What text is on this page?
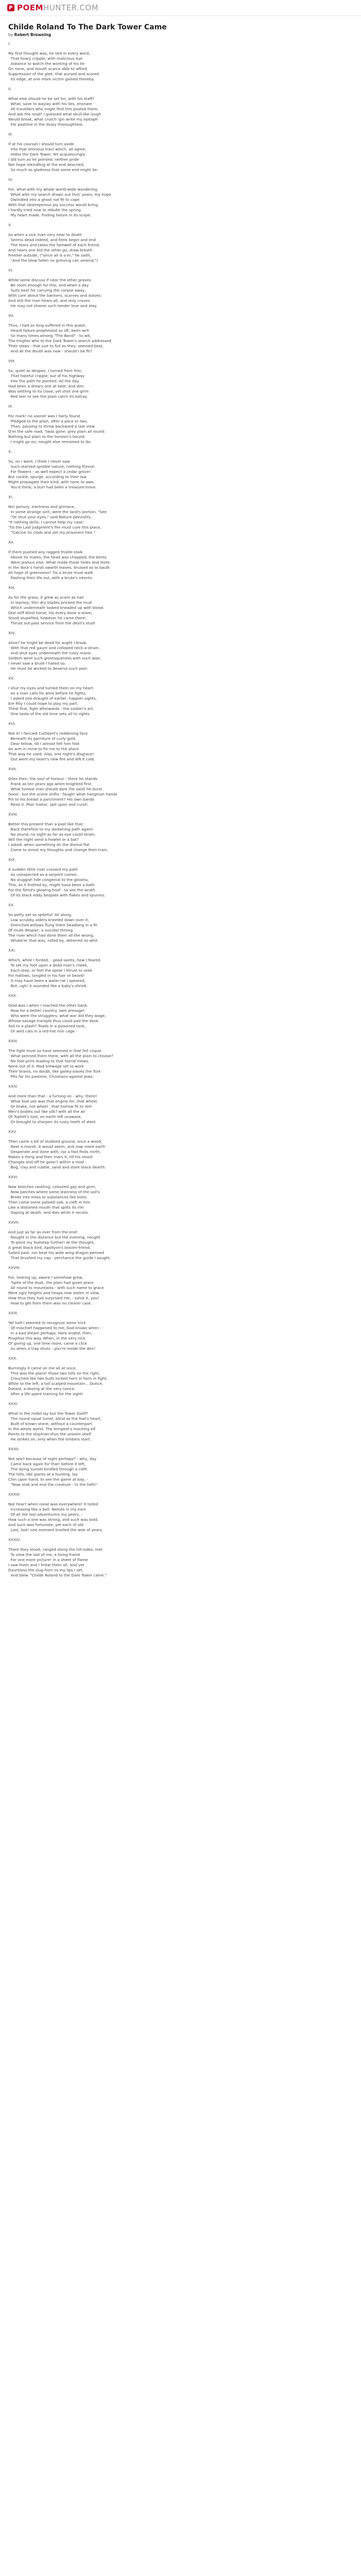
P POEM HUNTER.COM
Childe Roland To The Dark Tower Came
by Robert Browning
I.
My first thought was, he lied in every word,
That hoary cripple, with malicious eye
Askance to watch the working of his lie
On mine, and mouth scarce able to afford
Suppression of the glee, that pursed and scored
Its edge, at one more victim gained thereby.
II.
What else should he be set for, with his staff?
What, save to waylay with his lies, ensnare
All travellers who might find him posted there,
And ask the road? I guessed what skull-like laugh
Would break, what crutch 'gin write my epitaph
For pastime in the dusty thoroughfare,
III.
If at his counsel I should turn aside
Into that ominous tract which, all agree,
Hides the Dark Tower. Yet acquiescingly
I did turn as he pointed: neither pride
Nor hope rekindling at the end descried,
So much as gladness that some end might be.
IV.
For, what with my whole world-wide wandering,
What with my search drawn out thro' years, my hope
Dwindled into a ghost not fit to cope
With that obstreperous joy success would bring,
I hardly tried now to rebuke the spring
My heart made, finding failure in its scope.
V.
As when a sick man very near to death
Seems dead indeed, and feels begin and end
The tears and takes the farewell of each friend,
And hears one bid the other go, draw breath
Freelier outside, ("since all is o'er," he saith,
"And the blow fallen no grieving can amend;")
VI.
While some discuss if near the other graves
Be room enough for this, and when a day
Suits best for carrying the corpse away,
With care about the banners, scarves and staves:
And still the man hears all, and only craves
He may not shame such tender love and stay.
VII.
Thus, I had so long suffered in this quest,
Heard failure prophesied so oft, been writ
So many times among "The Band" - to wit,
The knights who to the Dark Tower's search addressed
Their steps - that just to fail as they, seemed best,
And all the doubt was now - should I be fit?
VIII.
So, quiet as despair, I turned from him,
That hateful cripple, out of his highway
Into the path he pointed. All the day
Had been a dreary one at best, and dim
Was settling to its close, yet shot one grim
Red leer to see the plain catch its estray.
IX.
For mark! no sooner was I fairly found
Pledged to the plain, after a pace or two,
Than, pausing to throw backward a last view
O'er the safe road, 'twas gone; grey plain all round:
Nothing but plain to the horizon's bound.
I might go on; nought else remained to do.
X.
So, on I went. I think I never saw
Such starved ignoble nature; nothing throve:
For flowers - as well expect a cedar grove!
But cockle, spurge, according to their law
Might propagate their kind, with none to awe,
You'd think; a burr had been a treasure-trove.
XI.
No! penury, inertness and grimace,
In some strange sort, were the land's portion. "See
"Or shut your eyes," said Nature peevishly,
"It nothing skills: I cannot help my case:
'Tis the Last Judgment's fire must cure this place,
"Calcine its clods and set my prisoners free."
XII.
If there pushed any ragged thistle-stalk
Above its mates, the head was chopped; the bents
Were jealous else. What made those holes and rents
In the dock's harsh swarth leaves, bruised as to baulk
All hope of greenness? 'tis a brute must walk
Pashing their life out, with a brute's intents.
XIII.
As for the grass, it grew as scant as hair
In leprosy; thin dry blades pricked the mud
Which underneath looked kneaded up with blood.
One stiff blind horse, his every bone a-stare,
Stood stupefied, however he came there:
Thrust out past service from the devil's stud!
XIV.
Alive? he might be dead for aught I know,
With that red gaunt and colloped neck a-strain,
And shut eyes underneath the rusty mane;
Seldom went such grotesqueness with such woe;
I never saw a brute I hated so;
He must be wicked to deserve such pain.
XV.
I shut my eyes and turned them on my heart.
As a man calls for wine before he fights,
I asked one draught of earlier, happier sights,
Ere fitly I could hope to play my part.
Think first, fight afterwards - the soldier's art:
One taste of the old time sets all to rights.
XVI.
Not it! I fancied Cuthbert's reddening face
Beneath its garniture of curly gold,
Dear fellow, till I almost felt him fold
An arm in mine to fix me to the place
That way he used. Alas, one night's disgrace!
Out went my heart's new fire and left it cold.
XVII.
Giles then, the soul of honour - there he stands
Frank as ten years ago when knighted first.
What honest man should dare (he said) he durst.
Good - but the scene shifts - faugh! what hangman hands
Pin to his breast a parchment? His own bands
Read it. Poor traitor, spit upon and curst!
XVIII.
Better this present than a past like that;
Back therefore to my darkening path again!
No sound, no sight as far as eye could strain.
Will the night send a howlet or a bat?
I asked: when something on the dismal flat
Came to arrest my thoughts and change their train.
XIX.
A sudden little river crossed my path
As unexpected as a serpent comes.
No sluggish tide congenial to the glooms;
This, as it frothed by, might have been a bath
For the fiend's glowing hoof - to see the wrath
Of its black eddy bespate with flakes and spumes.
XX.
So petty yet so spiteful! All along,
Low scrubby alders kneeled down over it;
Drenched willows flung them headlong in a fit
Of mute despair, a suicidal throng:
The river which had done them all the wrong,
Whate'er that was, rolled by, deterred no whit.
XXI.
Which, while I forded, - good saints, how I feared
To set my foot upon a dead man's cheek,
Each step, or feel the spear I thrust to seek
For hollows, tangled in his hair or beard!
- It may have been a water-rat I speared,
But, ugh! it sounded like a baby's shriek.
XXII.
Glad was I when I reached the other bank.
Now for a better country. Vain presage!
Who were the strugglers, what war did they wage,
Whose savage trample thus could pad the dank
Soil to a plash? Toads in a poisoned tank,
Or wild cats in a red-hot iron cage -
XXIII.
The fight must so have seemed in that fell cirque.
What penned them there, with all the plain to choose?
No foot-print leading to that horrid mews,
None out of it. Mad brewage set to work
Their brains, no doubt, like galley-slaves the Turk
Pits for his pastime, Christians against Jews.
XXIV.
And more than that - a furlong on - why, there!
What bad use was that engine for, that wheel,
Or brake, not wheel - that harrow fit to reel
Men's bodies out like silk? with all the air
Of Tophet's tool, on earth left unaware,
Or brought to sharpen its rusty teeth of steel.
XXV.
Then came a bit of stubbed ground, once a wood,
Next a marsh, it would seem, and now mere earth
Desperate and done with; (so a fool finds mirth,
Makes a thing and then mars it, till his mood
Changes and off he goes!) within a rood -
Bog, clay and rubble, sand and stark black dearth.
XXVI.
Now blotches rankling, coloured gay and grim,
Now patches where some leanness of the soil's
Broke into moss or substances like boils;
Then came some palsied oak, a cleft in him
Like a distorted mouth that splits its rim
Gaping at death, and dies while it recoils.
XXVII.
And just as far as ever from the end!
Nought in the distance but the evening, nought
To point my footstep further! At the thought,
A great black bird, Apollyon's bosom-friend,
Sailed past, nor beat his wide wing dragon-penned
That brushed my cap - perchance the guide I sought.
XXVIII.
For, looking up, aware I somehow grew,
'Spite of the dusk, the plain had given place
All round to mountains - with such name to grace
Mere ugly heights and heaps now stolen in view.
How thus they had surprised me, - solve it, you!
How to get from them was no clearer case.
XXIX.
Yet half I seemed to recognise some trick
Of mischief happened to me, God knows when -
In a bad dream perhaps. Here ended, then,
Progress this way. When, in the very nick
Of giving up, one time more, came a click
As when a trap shuts - you're inside the den!
XXX.
Burningly it came on me all at once,
This was the place! those two hills on the right,
Crouched like two bulls locked horn in horn in fight;
While to the left, a tall scalped mountain... Dunce,
Dotard, a-dozing at the very nonce,
After a life spent training for the sight!
XXXI.
What in the midst lay but the Tower itself?
The round squat turret, blind as the fool's heart,
Built of brown stone, without a counterpart
In the whole world. The tempest's mocking elf
Points to the shipman thus the unseen shelf
He strikes on, only when the timbers start.
XXXII.
Not see? because of night perhaps? - why, day
Came back again for that! before it left,
The dying sunset kindled through a cleft:
The hills, like giants at a hunting, lay
Chin upon hand, to see the game at bay, -
"Now stab and end the creature - to the heft!"
XXXIII.
Not hear? when noise was everywhere! it tolled
Increasing like a bell. Names in my ears
Of all the lost adventurers my peers, -
How such a one was strong, and such was bold,
And such was fortunate, yet each of old
Lost, lost! one moment knelled the woe of years.
XXXIV.
There they stood, ranged along the hill-sides, met
To view the last of me, a living frame
For one more picture! in a sheet of flame
I saw them and I knew them all. And yet
Dauntless the slug-horn to my lips I set,
And blew. "Childe Roland to the Dark Tower came."
